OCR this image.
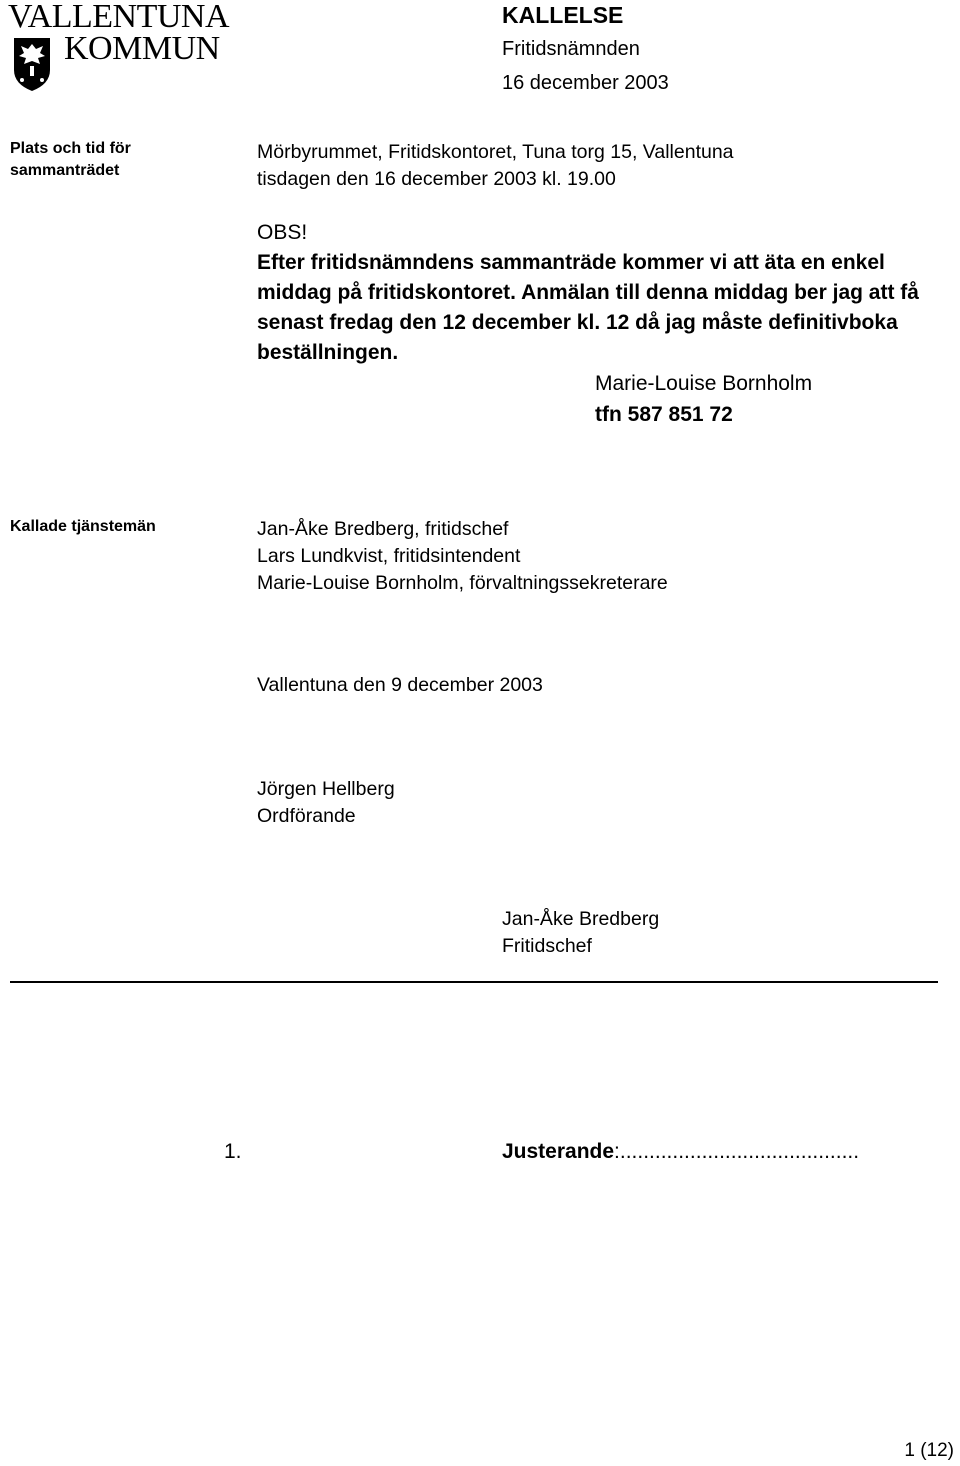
VALLENTUNA
KOMMUN
KALLELSE
Fritidsnämnden
16 december 2003
Plats och tid för sammanträdet
Mörbyrummet, Fritidskontoret, Tuna torg 15, Vallentuna
tisdagen den 16 december 2003 kl. 19.00
OBS!
Efter fritidsnämndens sammanträde kommer vi att äta en enkel middag på fritidskontoret. Anmälan till denna middag ber jag att få senast fredag den 12 december kl. 12 då jag måste definitivboka beställningen.
Marie-Louise Bornholm
tfn 587 851 72
Kallade tjänstemän	Jan-Åke Bredberg, fritidschef
Lars Lundkvist, fritidsintendent
Marie-Louise Bornholm, förvaltningssekreterare
Vallentuna den 9 december 2003
Jörgen Hellberg
Ordförande
Jan-Åke Bredberg
Fritidschef
1.	Justerande:.........................................
1 (12)
